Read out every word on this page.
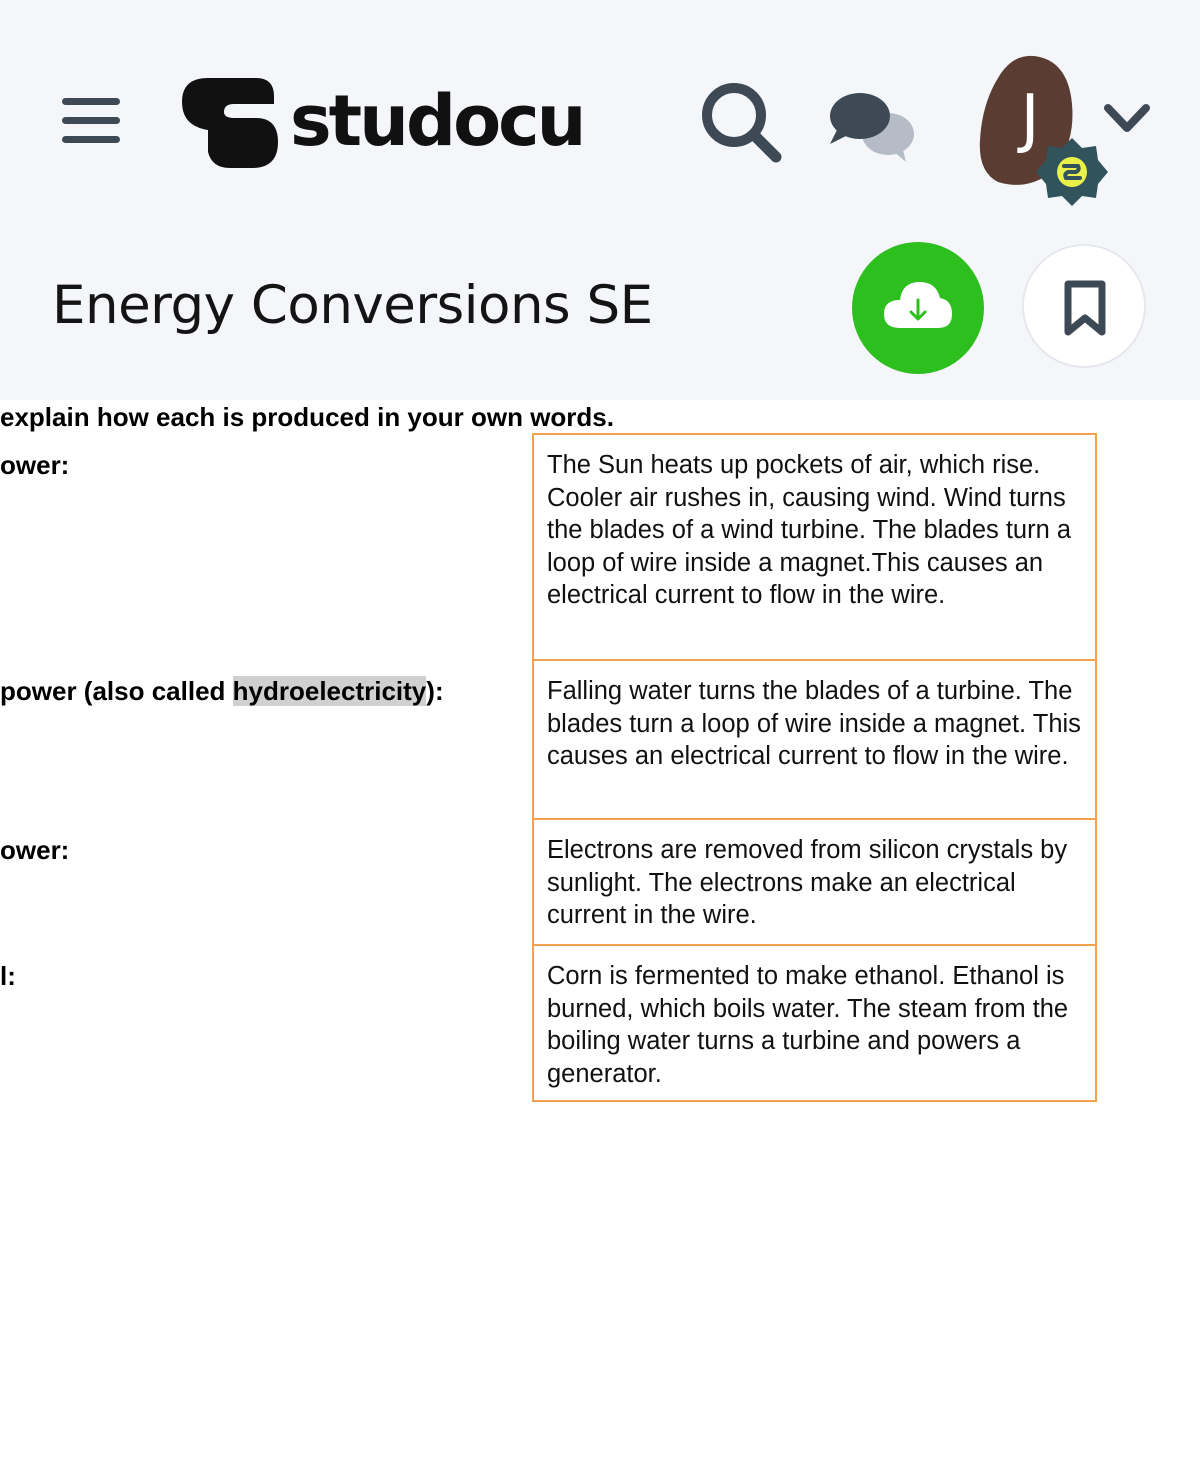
studocu	J
Energy Conversions SE
explain how each is produced in your own words.
ower:
power (also called hydroelectricity):
ower:
l:
The Sun heats up pockets of air, which rise. Cooler air rushes in, causing wind. Wind turns the blades of a wind turbine. The blades turn a loop of wire inside a magnet.This causes an electrical current to flow in the wire.
Falling water turns the blades of a turbine. The blades turn a loop of wire inside a magnet. This causes an electrical current to flow in the wire.
Electrons are removed from silicon crystals by sunlight. The electrons make an electrical current in the wire.
Corn is fermented to make ethanol. Ethanol is burned, which boils water. The steam from the boiling water turns a turbine and powers a generator.
